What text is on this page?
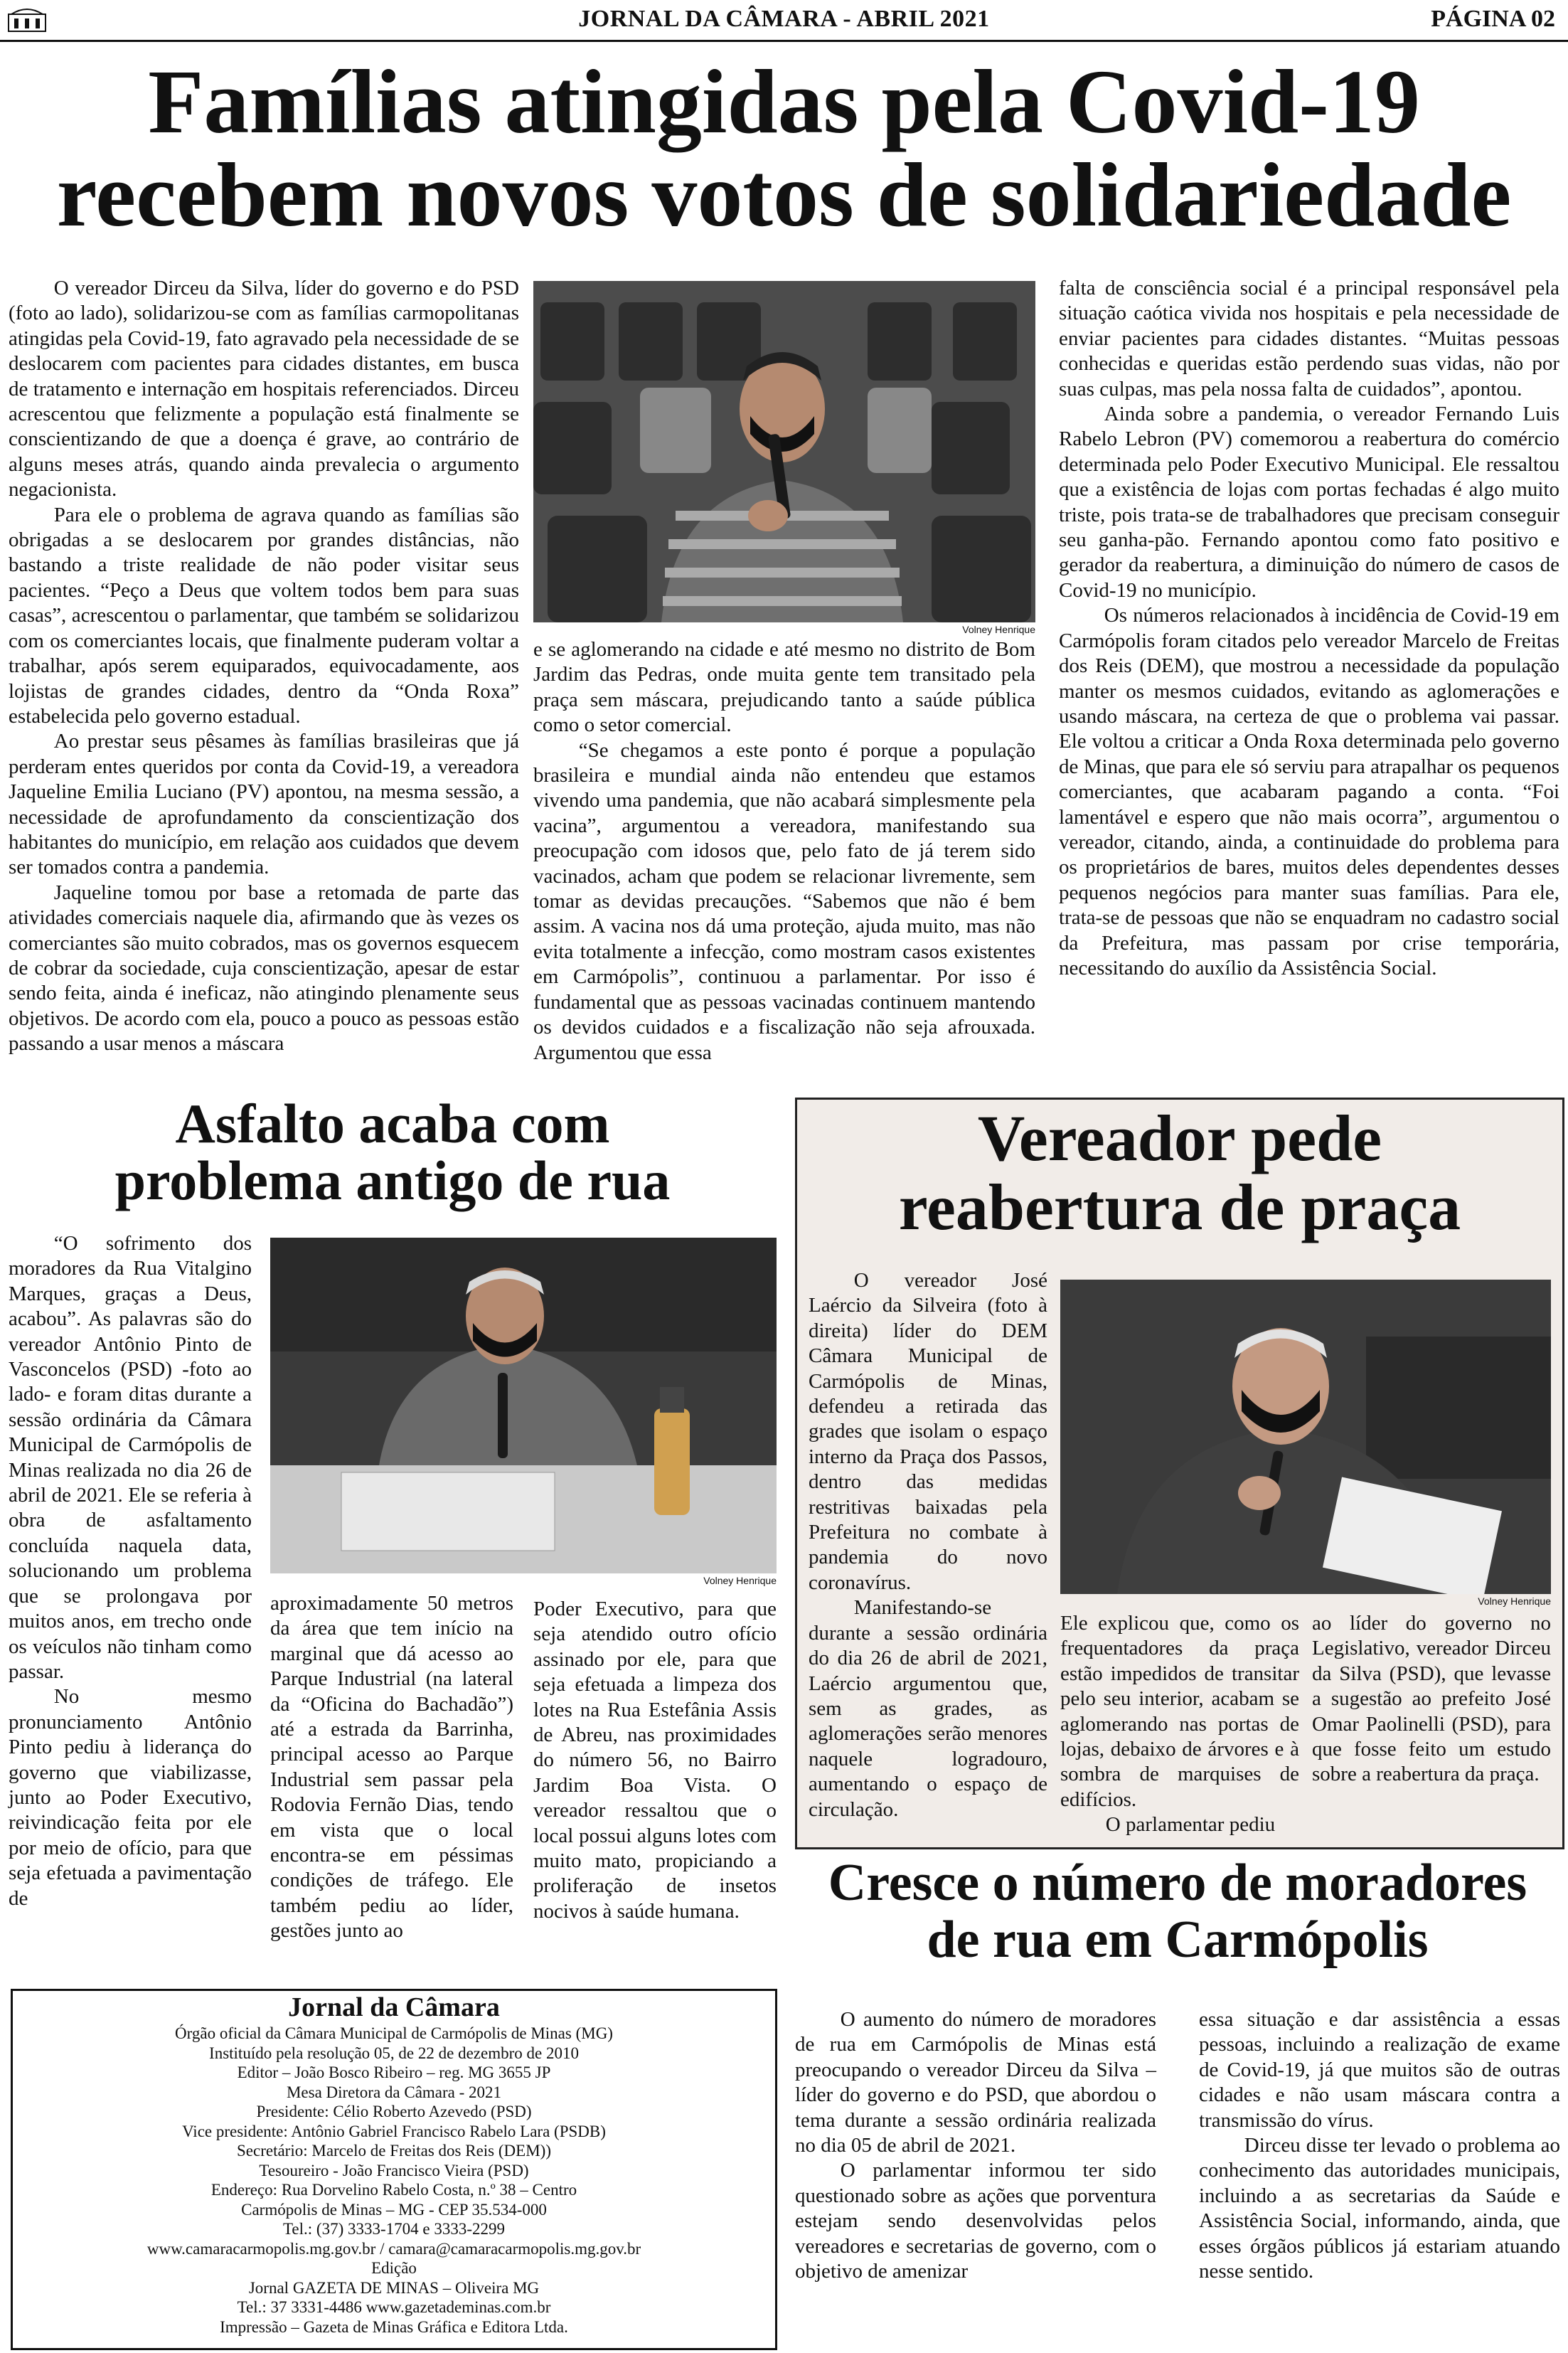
JORNAL DA CÂMARA - ABRIL 2021	PÁGINA 02
Famílias atingidas pela Covid-19
recebem novos votos de solidariedade

O vereador Dirceu da Silva, líder do governo e do PSD (foto ao lado), solidarizou-se com as famílias carmopolitanas atingidas pela Covid-19, fato agravado pela necessidade de se deslocarem com pacientes para cidades distantes, em busca de tratamento e internação em hospitais referenciados. Dirceu acrescentou que felizmente a população está finalmente se conscientizando de que a doença é grave, ao contrário de alguns meses atrás, quando ainda prevalecia o argumento negacionista.

Para ele o problema de agrava quando as famílias são obrigadas a se deslocarem por grandes distâncias, não bastando a triste realidade de não poder visitar seus pacientes. “Peço a Deus que voltem todos bem para suas casas”, acrescentou o parlamentar, que também se solidarizou com os comerciantes locais, que finalmente puderam voltar a trabalhar, após serem equiparados, equivocadamente, aos lojistas de grandes cidades, dentro da “Onda Roxa” estabelecida pelo governo estadual.

Ao prestar seus pêsames às famílias brasileiras que já perderam entes queridos por conta da Covid-19, a vereadora Jaqueline Emilia Luciano (PV) apontou, na mesma sessão, a necessidade de aprofundamento da conscientização dos habitantes do município, em relação aos cuidados que devem ser tomados contra a pandemia.

Jaqueline tomou por base a retomada de parte das atividades comerciais naquele dia, afirmando que às vezes os comerciantes são muito cobrados, mas os governos esquecem de cobrar da sociedade, cuja conscientização, apesar de estar sendo feita, ainda é ineficaz, não atingindo plenamente seus objetivos. De acordo com ela, pouco a pouco as pessoas estão passando a usar menos a máscara

Volney Henrique

e se aglomerando na cidade e até mesmo no distrito de Bom Jardim das Pedras, onde muita gente tem transitado pela praça sem máscara, prejudicando tanto a saúde pública como o setor comercial.

“Se chegamos a este ponto é porque a população brasileira e mundial ainda não entendeu que estamos vivendo uma pandemia, que não acabará simplesmente pela vacina”, argumentou a vereadora, manifestando sua preocupação com idosos que, pelo fato de já terem sido vacinados, acham que podem se relacionar livremente, sem tomar as devidas precauções. “Sabemos que não é bem assim. A vacina nos dá uma proteção, ajuda muito, mas não evita totalmente a infecção, como mostram casos existentes em Carmópolis”, continuou a parlamentar. Por isso é fundamental que as pessoas vacinadas continuem mantendo os devidos cuidados e a fiscalização não seja afrouxada. Argumentou que essa

falta de consciência social é a principal responsável pela situação caótica vivida nos hospitais e pela necessidade de enviar pacientes para cidades distantes. “Muitas pessoas conhecidas e queridas estão perdendo suas vidas, não por suas culpas, mas pela nossa falta de cuidados”, apontou.

Ainda sobre a pandemia, o vereador Fernando Luis Rabelo Lebron (PV) comemorou a reabertura do comércio determinada pelo Poder Executivo Municipal. Ele ressaltou que a existência de lojas com portas fechadas é algo muito triste, pois trata-se de trabalhadores que precisam conseguir seu ganha-pão. Fernando apontou como fato positivo e gerador da reabertura, a diminuição do número de casos de Covid-19 no município.

Os números relacionados à incidência de Covid-19 em Carmópolis foram citados pelo vereador Marcelo de Freitas dos Reis (DEM), que mostrou a necessidade da população manter os mesmos cuidados, evitando as aglomerações e usando máscara, na certeza de que o problema vai passar. Ele voltou a criticar a Onda Roxa determinada pelo governo de Minas, que para ele só serviu para atrapalhar os pequenos comerciantes, que acabaram pagando a conta. “Foi lamentável e espero que não mais ocorra”, argumentou o vereador, citando, ainda, a continuidade do problema para os proprietários de bares, muitos deles dependentes desses pequenos negócios para manter suas famílias. Para ele, trata-se de pessoas que não se enquadram no cadastro social da Prefeitura, mas passam por crise temporária, necessitando do auxílio da Assistência Social.

Asfalto acaba com
problema antigo de rua

“O sofrimento dos moradores da Rua Vitalgino Marques, graças a Deus, acabou”. As palavras são do vereador Antônio Pinto de Vasconcelos (PSD) -foto ao lado- e foram ditas durante a sessão ordinária da Câmara Municipal de Carmópolis de Minas realizada no dia 26 de abril de 2021. Ele se referia à obra de asfaltamento concluída naquela data, solucionando um problema que se prolongava por muitos anos, em trecho onde os veículos não tinham como passar.

No mesmo pronunciamento Antônio Pinto pediu à liderança do governo que viabilizasse, junto ao Poder Executivo, reivindicação feita por ele por meio de ofício, para que seja efetuada a pavimentação de

Volney Henrique

aproximadamente 50 metros da área que tem início na marginal que dá acesso ao Parque Industrial (na lateral da “Oficina do Bachadão”) até a estrada da Barrinha, principal acesso ao Parque Industrial sem passar pela Rodovia Fernão Dias, tendo em vista que o local encontra-se em péssimas condições de tráfego. Ele também pediu ao líder, gestões junto ao

Poder Executivo, para que seja atendido outro ofício assinado por ele, para que seja efetuada a limpeza dos lotes na Rua Estefânia Assis de Abreu, nas proximidades do número 56, no Bairro Jardim Boa Vista. O vereador ressaltou que o local possui alguns lotes com muito mato, propiciando a proliferação de insetos nocivos à saúde humana.

Vereador pede
reabertura de praça

O vereador José Laércio da Silveira (foto à direita) líder do DEM Câmara Municipal de Carmópolis de Minas, defendeu a retirada das grades que isolam o espaço interno da Praça dos Passos, dentro das medidas restritivas baixadas pela Prefeitura no combate à pandemia do novo coronavírus.

Manifestando-se durante a sessão ordinária do dia 26 de abril de 2021, Laércio argumentou que, sem as grades, as aglomerações serão menores naquele logradouro, aumentando o espaço de circulação.

Volney Henrique

Ele explicou que, como os frequentadores da praça estão impedidos de transitar pelo seu interior, acabam se aglomerando nas portas de lojas, debaixo de árvores e à sombra de marquises de edifícios.

O parlamentar pediu

ao líder do governo no Legislativo, vereador Dirceu da Silva (PSD), que levasse a sugestão ao prefeito José Omar Paolinelli (PSD), para que fosse feito um estudo sobre a reabertura da praça.

Cresce o número de moradores
de rua em Carmópolis

O aumento do número de moradores de rua em Carmópolis de Minas está preocupando o vereador Dirceu da Silva – líder do governo e do PSD, que abordou o tema durante a sessão ordinária realizada no dia 05 de abril de 2021.

O parlamentar informou ter sido questionado sobre as ações que porventura estejam sendo desenvolvidas pelos vereadores e secretarias de governo, com o objetivo de amenizar

essa situação e dar assistência a essas pessoas, incluindo a realização de exame de Covid-19, já que muitos são de outras cidades e não usam máscara contra a transmissão do vírus.

Dirceu disse ter levado o problema ao conhecimento das autoridades municipais, incluindo a as secretarias da Saúde e Assistência Social, informando, ainda, que esses órgãos públicos já estariam atuando nesse sentido.

Jornal da Câmara
Órgão oficial da Câmara Municipal de Carmópolis de Minas (MG)
Instituído pela resolução 05, de 22 de dezembro de 2010
Editor – João Bosco Ribeiro – reg. MG 3655 JP
Mesa Diretora da Câmara - 2021
Presidente: Célio Roberto Azevedo (PSD)
Vice presidente: Antônio Gabriel Francisco Rabelo Lara (PSDB)
Secretário: Marcelo de Freitas dos Reis (DEM))
Tesoureiro - João Francisco Vieira (PSD)
Endereço: Rua Dorvelino Rabelo Costa, n.º 38 – Centro
Carmópolis de Minas – MG - CEP 35.534-000
Tel.: (37) 3333-1704 e 3333-2299
www.camaracarmopolis.mg.gov.br / camara@camaracarmopolis.mg.gov.br
Edição
Jornal GAZETA DE MINAS – Oliveira MG
Tel.: 37 3331-4486 www.gazetademinas.com.br
Impressão – Gazeta de Minas Gráfica e Editora Ltda.
